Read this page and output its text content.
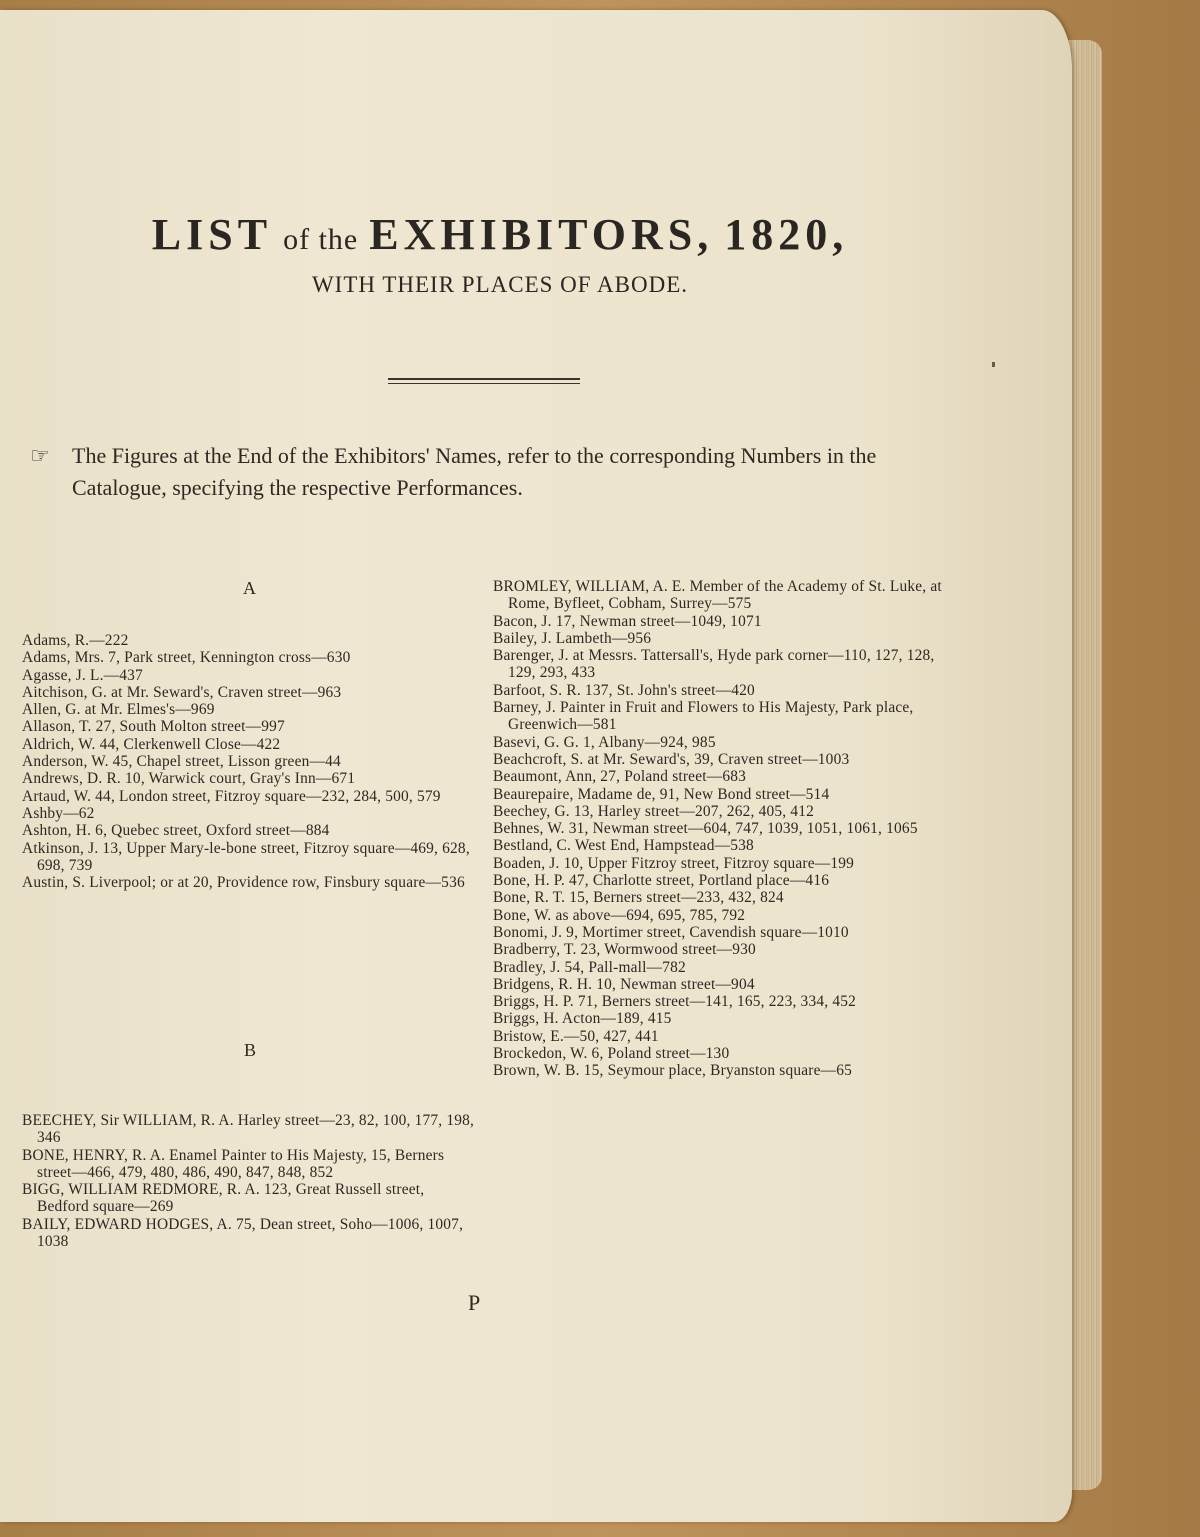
LIST of the EXHIBITORS, 1820,
WITH THEIR PLACES OF ABODE.
☞ The Figures at the End of the Exhibitors' Names, refer to the corresponding Numbers in the Catalogue, specifying the respective Performances.
A

Adams, R.—222

Adams, Mrs. 7, Park street, Kennington cross—630

Agasse, J. L.—437

Aitchison, G. at Mr. Seward's, Craven street—963

Allen, G. at Mr. Elmes's—969

Allason, T. 27, South Molton street—997

Aldrich, W. 44, Clerkenwell Close—422

Anderson, W. 45, Chapel street, Lisson green—44

Andrews, D. R. 10, Warwick court, Gray's Inn—671

Artaud, W. 44, London street, Fitzroy square—232, 284, 500, 579

Ashby—62

Ashton, H. 6, Quebec street, Oxford street—884

Atkinson, J. 13, Upper Mary-le-bone street, Fitzroy square—469, 628, 698, 739

Austin, S. Liverpool; or at 20, Providence row, Finsbury square—536

B

BEECHEY, Sir WILLIAM, R. A. Harley street—23, 82, 100, 177, 198, 346

BONE, HENRY, R. A. Enamel Painter to His Majesty, 15, Berners street—466, 479, 480, 486, 490, 847, 848, 852

BIGG, WILLIAM REDMORE, R. A. 123, Great Russell street, Bedford square—269

BAILY, EDWARD HODGES, A. 75, Dean street, Soho—1006, 1007, 1038

BROMLEY, WILLIAM, A. E. Member of the Academy of St. Luke, at Rome, Byfleet, Cobham, Surrey—575

Bacon, J. 17, Newman street—1049, 1071

Bailey, J. Lambeth—956

Barenger, J. at Messrs. Tattersall's, Hyde park corner—110, 127, 128, 129, 293, 433

Barfoot, S. R. 137, St. John's street—420

Barney, J. Painter in Fruit and Flowers to His Majesty, Park place, Greenwich—581

Basevi, G. G. 1, Albany—924, 985

Beachcroft, S. at Mr. Seward's, 39, Craven street—1003

Beaumont, Ann, 27, Poland street—683

Beaurepaire, Madame de, 91, New Bond street—514

Beechey, G. 13, Harley street—207, 262, 405, 412

Behnes, W. 31, Newman street—604, 747, 1039, 1051, 1061, 1065

Bestland, C. West End, Hampstead—538

Boaden, J. 10, Upper Fitzroy street, Fitzroy square—199

Bone, H. P. 47, Charlotte street, Portland place—416

Bone, R. T. 15, Berners street—233, 432, 824

Bone, W. as above—694, 695, 785, 792

Bonomi, J. 9, Mortimer street, Cavendish square—1010

Bradberry, T. 23, Wormwood street—930

Bradley, J. 54, Pall-mall—782

Bridgens, R. H. 10, Newman street—904

Briggs, H. P. 71, Berners street—141, 165, 223, 334, 452

Briggs, H. Acton—189, 415

Bristow, E.—50, 427, 441

Brockedon, W. 6, Poland street—130

Brown, W. B. 15, Seymour place, Bryanston square—65

P
